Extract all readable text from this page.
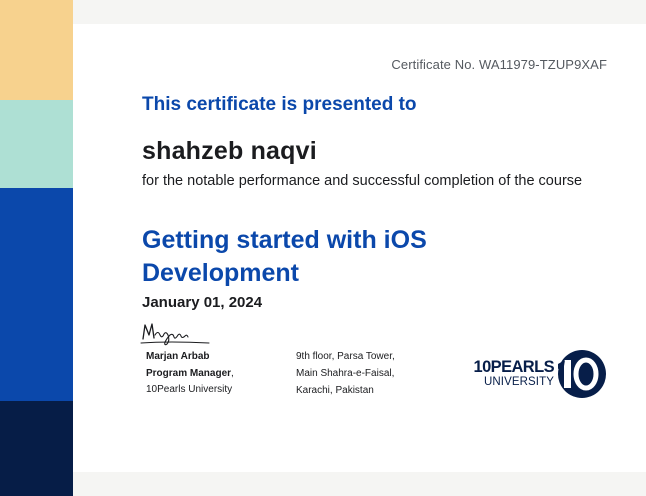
Certificate No. WA11979-TZUP9XAF
This certificate is presented to
shahzeb naqvi
for the notable performance and successful completion of the course
Getting started with iOS Development
January 01, 2024
Marjan Arbab
Program Manager,
10Pearls University
9th floor, Parsa Tower,
Main Shahra-e-Faisal,
Karachi, Pakistan
10PEARLS
UNIVERSITY
